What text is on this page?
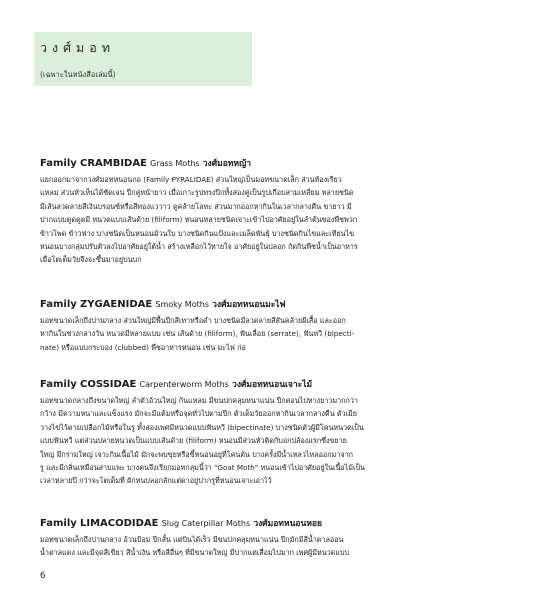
วงศ์มอท
(เฉพาะในหนังสือเล่มนี้)
Family CRAMBIDAE Grass Moths วงศ์มอทหญ้า
แยกออกมาจากวงศ์มอทหนอนกอ (Family PYRALIDAE) ส่วนใหญ่เป็นมอทขนาดเล็ก ส่วนท้องเรียว
แหลม ส่วนหัวเห็นได้ชัดเจน ปีกคู่หน้ายาว เมื่อเกาะรูปทรงปีกทั้งสองคู่เป็นรูปเกือบสามเหลี่ยม หลายชนิด
มีเส้นลวดลายสีเงินบรอนซ์หรือสีทองแววาว ดูคล้ายโลหะ ส่วนมากออกหากินในเวลากลางคืน ขายาว มี
ปากแบบดูดดูดมี หนวดแบบเส้นด้าย (filiform) หนอนหลายชนิดเจาะเข้าไปอาศัยอยู่ในลำต้นของพืชพวก
ข้าวโพด ข้าวฟ่าง บางชนิดเป็นหนอนม้วนใบ บางชนิดกินแป้งและเมล็ดพันธุ์ บางชนิดกินไขและเทียนไข
หนอนบางกลุ่มปรับตัวลงไปอาศัยอยู่ใต้น้ำ สร้างเหลือกไว้หายใจ อาศัยอยู่ในปลอก กัดกินพืชน้ำเป็นอาหาร
เมื่อโตเต็มวัยจึงจะขึ้นมาอยู่บนบก
Family ZYGAENIDAE Smoky Moths วงศ์มอทหนอนมะไฟ
มอทขนาดเล็กถึงปานกลาง ส่วนใหญ่มีพื้นปีกสีเทาหรือดำ บางชนิดมีลวดลายสีสันคล้ายผีเสื้อ และออก
หากินในช่วงกลางวัน หนวดมีหลายแบบ เช่น เส้นด้าย (filiform), ฟันเลื่อย (serrate), ฟันหวี (bipecti-
nate) หรือแบบกระบอง (clubbed) พืชอาหารหนอน เช่น มะไฟ ก่อ
Family COSSIDAE Carpenterworm Moths วงศ์มอทหนอนเจาะไม้
มอทขนาดกลางถึงขนาดใหญ่ ลำตัวอ้วนใหญ่ ก้นแหลม มีขนปกคลุมหนาแน่น ปีกค่อนไปทางยาวมากกว่า
กว้าง มีความหนาและแข็งแรง มักจะมีแต้มหรือจุดทั่วไปตามปีก ตัวเต็มวัยออกหากินเวลากลางคืน ตัวเมีย
วางไข่ไว้ตามเปลือกไม้หรือในรู ทั้งสองเพศมีหนวดแบบฟันหวี (bipectinate) บางชนิดตัวผู้มีโคนหนวดเป็น
แบบฟันหวี แต่ส่วนปลายหนวดเป็นแบบเส้นด้าย (filiform) หนอนมีส่วนหัวติดกับอกปล้องแรกซึ่งขยาย
ใหญ่ มีกรามใหญ่ เจาะกินเนื้อไม้ มักจะพบขุยหรือขี้หนอนอยู่ที่โคนต้น บางครั้งมีน้ำเหลวไหลออกมาจาก
รู และมีกลิ่นเหมือนสาบแพะ บางคนจึงเรียกมอทกลุ่มนี้ว่า "Goat Moth" หนอนเข้าไปอาศัยอยู่ในเนื้อไม้เป็น
เวลาหลายปี กว่าจะโตเต็มที่ ผักหนปลอกลักแต่ดาอยู่ปากรูที่หนอนเจาะเอาไว้
Family LIMACODIDAE Slug Caterpillar Moths วงศ์มอทหนอนหอย
มอทขนาดเล็กถึงปานกลาง อ้วนป้อม ปีกสั้น แต่บินได้เร็ว มีขนปกคลุมหนาแน่น ปีกมักมีสีน้ำตาลอ่อน
น้ำตาลแดง และมีจุดสีเขียว สีน้ำเงิน หรือสีอื่นๆ ที่มีขนาดใหญ่ มีปากแต่เสื่อมไปมาก เพศผู้มีหนวดแบบ
6
